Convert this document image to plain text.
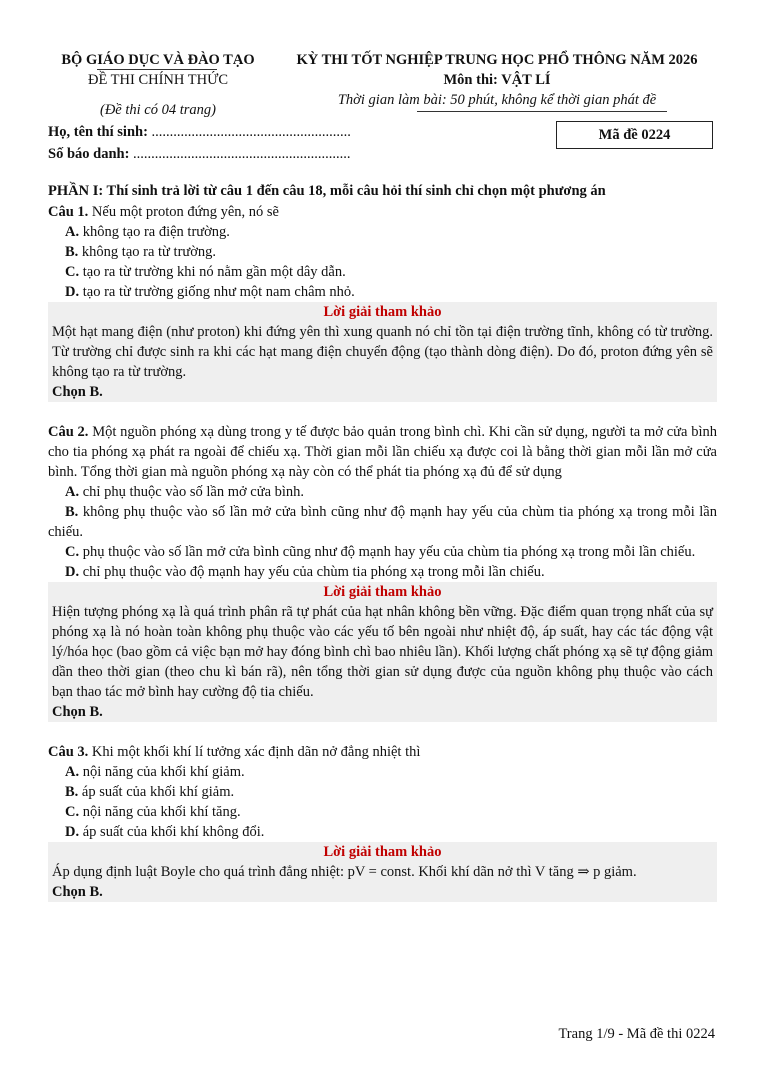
BỘ GIÁO DỤC VÀ ĐÀO TẠO
ĐỀ THI CHÍNH THỨC
(Đề thi có 04 trang)
KỲ THI TỐT NGHIỆP TRUNG HỌC PHỔ THÔNG NĂM 2026
Môn thi: VẬT LÍ
Thời gian làm bài: 50 phút, không kể thời gian phát đề
Họ, tên thí sinh: .......................................................
Số báo danh: ............................................................
Mã đề 0224
PHẦN I: Thí sinh trả lời từ câu 1 đến câu 18, mỗi câu hỏi thí sinh chỉ chọn một phương án

Câu 1. Nếu một proton đứng yên, nó sẽ

A. không tạo ra điện trường.

B. không tạo ra từ trường.

C. tạo ra từ trường khi nó nằm gần một dây dẫn.

D. tạo ra từ trường giống như một nam châm nhỏ.

Lời giải tham khảo
Một hạt mang điện (như proton) khi đứng yên thì xung quanh nó chỉ tồn tại điện trường tĩnh, không có từ trường. Từ trường chỉ được sinh ra khi các hạt mang điện chuyển động (tạo thành dòng điện). Do đó, proton đứng yên sẽ không tạo ra từ trường.
Chọn B.

Câu 2. Một nguồn phóng xạ dùng trong y tế được bảo quản trong bình chì. Khi cần sử dụng, người ta mở cửa bình cho tia phóng xạ phát ra ngoài để chiếu xạ. Thời gian mỗi lần chiếu xạ được coi là bằng thời gian mỗi lần mở cửa bình. Tổng thời gian mà nguồn phóng xạ này còn có thể phát tia phóng xạ đủ để sử dụng

A. chỉ phụ thuộc vào số lần mở cửa bình.

B. không phụ thuộc vào số lần mở cửa bình cũng như độ mạnh hay yếu của chùm tia phóng xạ trong mỗi lần chiếu.

C. phụ thuộc vào số lần mở cửa bình cũng như độ mạnh hay yếu của chùm tia phóng xạ trong mỗi lần chiếu.

D. chỉ phụ thuộc vào độ mạnh hay yếu của chùm tia phóng xạ trong mỗi lần chiếu.

Lời giải tham khảo
Hiện tượng phóng xạ là quá trình phân rã tự phát của hạt nhân không bền vững. Đặc điểm quan trọng nhất của sự phóng xạ là nó hoàn toàn không phụ thuộc vào các yếu tố bên ngoài như nhiệt độ, áp suất, hay các tác động vật lý/hóa học (bao gồm cả việc bạn mở hay đóng bình chì bao nhiêu lần). Khối lượng chất phóng xạ sẽ tự động giảm dần theo thời gian (theo chu kì bán rã), nên tổng thời gian sử dụng được của nguồn không phụ thuộc vào cách bạn thao tác mở bình hay cường độ tia chiếu.
Chọn B.

Câu 3. Khi một khối khí lí tưởng xác định dãn nở đẳng nhiệt thì

A. nội năng của khối khí giảm.

B. áp suất của khối khí giảm.

C. nội năng của khối khí tăng.

D. áp suất của khối khí không đổi.

Lời giải tham khảo
Áp dụng định luật Boyle cho quá trình đẳng nhiệt: pV = const. Khối khí dãn nở thì V tăng ⇒ p giảm.
Chọn B.
Trang 1/9 - Mã đề thi 0224
